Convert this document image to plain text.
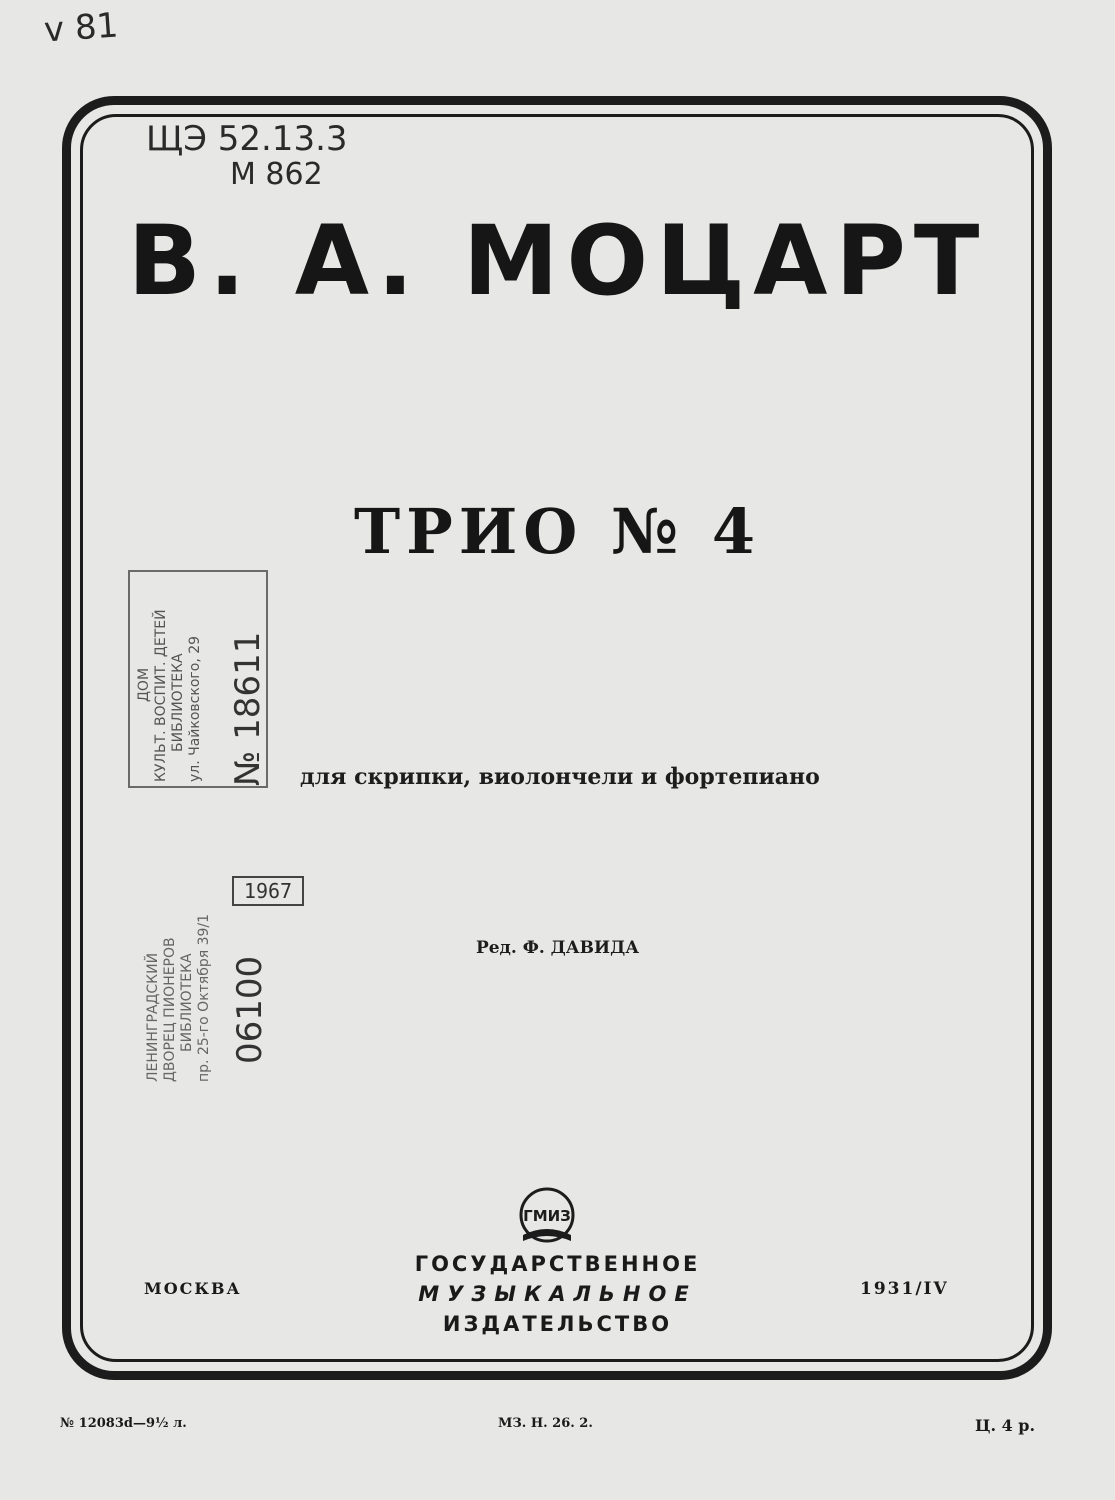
v 81
ЩЭ 52.13.3
М 862
В. А. МОЦАРТ
ТРИО № 4
ДОМ КУЛЬТ. ВОСПИТ. ДЕТЕЙ БИБЛИОТЕКА ул. Чайковского, 29 № 18611 для скрипки, виолончели и фортепиано
1967
ЛЕНИНГРАДСКИЙ ДВОРЕЦ ПИОНЕРОВ БИБЛИОТЕКА пр. 25-го Октября 39/1 06100
Ред. Ф. ДАВИДА
ГМИЗ
МОСКВА
ГОСУДАРСТВЕННОЕ
МУЗЫКАЛЬНОЕ
ИЗДАТЕЛЬСТВО
1931/IV
№ 12083d—9½ л.	МЗ. Н. 26. 2.	Ц. 4 р.
